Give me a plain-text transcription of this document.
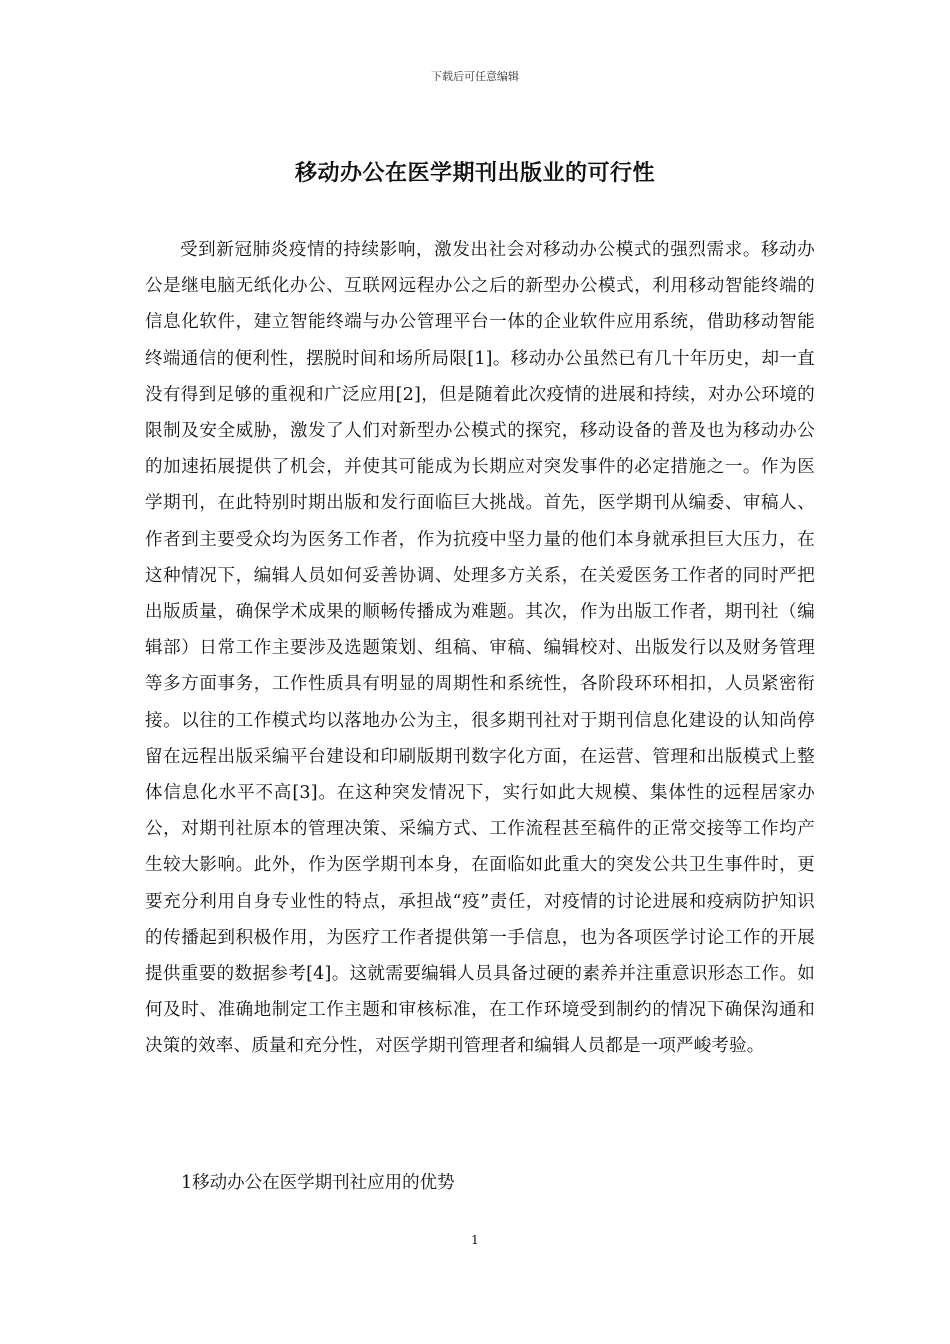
下载后可任意编辑
移动办公在医学期刊出版业的可行性

受到新冠肺炎疫情的持续影响，激发出社会对移动办公模式的强烈需求。移动办公是继电脑无纸化办公、互联网远程办公之后的新型办公模式，利用移动智能终端的信息化软件，建立智能终端与办公管理平台一体的企业软件应用系统，借助移动智能终端通信的便利性，摆脱时间和场所局限[1]。移动办公虽然已有几十年历史，却一直没有得到足够的重视和广泛应用[2]，但是随着此次疫情的进展和持续，对办公环境的限制及安全威胁，激发了人们对新型办公模式的探究，移动设备的普及也为移动办公的加速拓展提供了机会，并使其可能成为长期应对突发事件的必定措施之一。作为医学期刊，在此特别时期出版和发行面临巨大挑战。首先，医学期刊从编委、审稿人、作者到主要受众均为医务工作者，作为抗疫中坚力量的他们本身就承担巨大压力，在这种情况下，编辑人员如何妥善协调、处理多方关系，在关爱医务工作者的同时严把出版质量，确保学术成果的顺畅传播成为难题。其次，作为出版工作者，期刊社（编辑部）日常工作主要涉及选题策划、组稿、审稿、编辑校对、出版发行以及财务管理等多方面事务，工作性质具有明显的周期性和系统性，各阶段环环相扣，人员紧密衔接。以往的工作模式均以落地办公为主，很多期刊社对于期刊信息化建设的认知尚停留在远程出版采编平台建设和印刷版期刊数字化方面，在运营、管理和出版模式上整体信息化水平不高[3]。在这种突发情况下，实行如此大规模、集体性的远程居家办公，对期刊社原本的管理决策、采编方式、工作流程甚至稿件的正常交接等工作均产生较大影响。此外，作为医学期刊本身，在面临如此重大的突发公共卫生事件时，更要充分利用自身专业性的特点，承担战“疫”责任，对疫情的讨论进展和疫病防护知识的传播起到积极作用，为医疗工作者提供第一手信息，也为各项医学讨论工作的开展提供重要的数据参考[4]。这就需要编辑人员具备过硬的素养并注重意识形态工作。如何及时、准确地制定工作主题和审核标准，在工作环境受到制约的情况下确保沟通和决策的效率、质量和充分性，对医学期刊管理者和编辑人员都是一项严峻考验。

1移动办公在医学期刊社应用的优势
1
